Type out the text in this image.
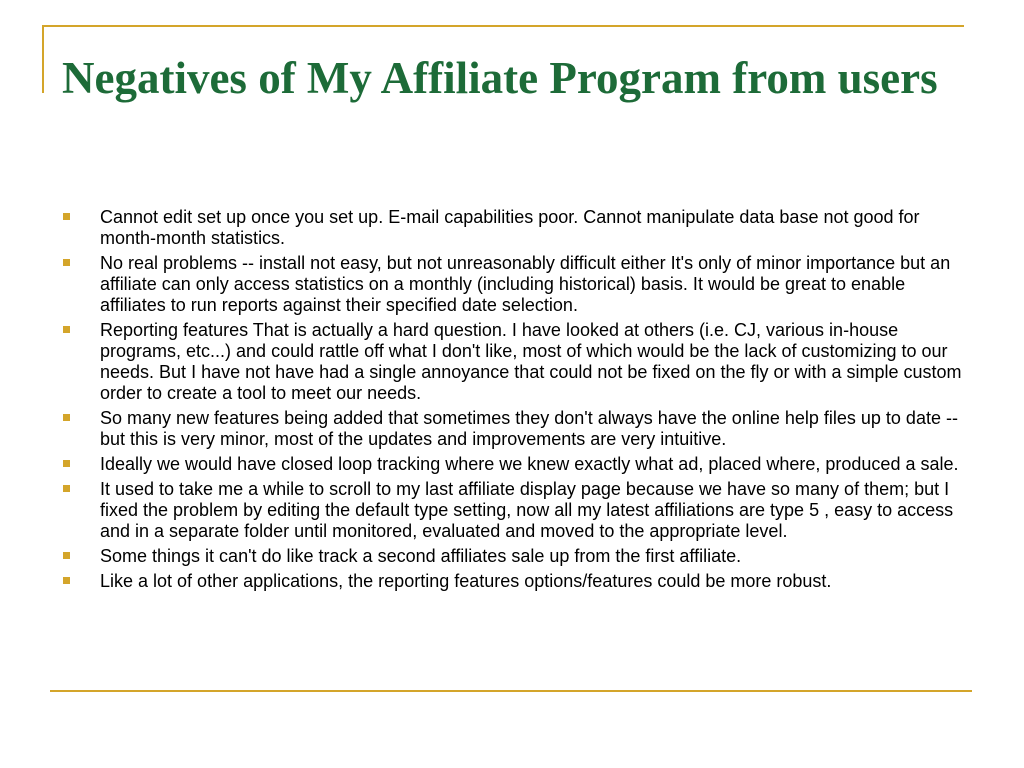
Negatives of My Affiliate Program from users
Cannot edit set up once you set up. E-mail capabilities poor. Cannot manipulate data base not good for month-month statistics.
No real problems -- install not easy, but not unreasonably difficult either It's only of minor importance but an affiliate can only access statistics on a monthly (including historical) basis. It would be great to enable affiliates to run reports against their specified date selection.
Reporting features That is actually a hard question. I have looked at others (i.e. CJ, various in-house programs, etc...) and could rattle off what I don't like, most of which would be the lack of customizing to our needs. But I have not have had a single annoyance that could not be fixed on the fly or with a simple custom order to create a tool to meet our needs.
So many new features being added that sometimes they don't always have the online help files up to date -- but this is very minor, most of the updates and improvements are very intuitive.
Ideally we would have closed loop tracking where we knew exactly what ad, placed where, produced a sale.
It used to take me a while to scroll to my last affiliate display page because we have so many of them; but I fixed the problem by editing the default type setting, now all my latest affiliations are type 5 , easy to access and in a separate folder until monitored, evaluated and moved to the appropriate level.
Some things it can't do like track a second affiliates sale up from the first affiliate.
Like a lot of other applications, the reporting features options/features could be more robust.
